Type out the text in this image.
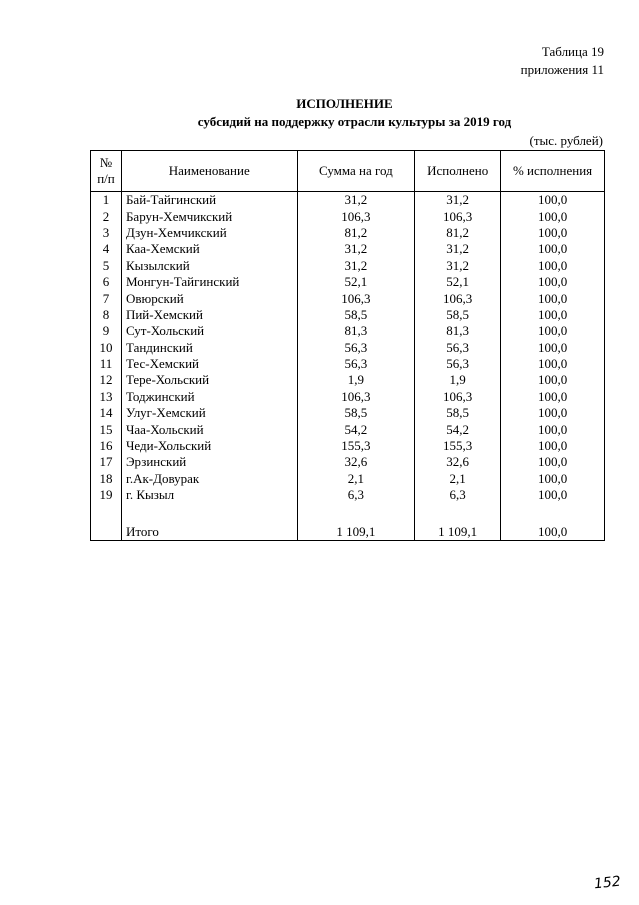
Таблица 19
приложения 11
ИСПОЛНЕНИЕ
субсидий на поддержку отрасли культуры за 2019 год
(тыс. рублей)
№
п/п	Наименование	Сумма на год	Исполнено	% исполнения
1	Бай-Тайгинский	31,2	31,2	100,0
2	Барун-Хемчикский	106,3	106,3	100,0
3	Дзун-Хемчикский	81,2	81,2	100,0
4	Каа-Хемский	31,2	31,2	100,0
5	Кызылский	31,2	31,2	100,0
6	Монгун-Тайгинский	52,1	52,1	100,0
7	Овюрский	106,3	106,3	100,0
8	Пий-Хемский	58,5	58,5	100,0
9	Сут-Хольский	81,3	81,3	100,0
10	Тандинский	56,3	56,3	100,0
11	Тес-Хемский	56,3	56,3	100,0
12	Тере-Хольский	1,9	1,9	100,0
13	Тоджинский	106,3	106,3	100,0
14	Улуг-Хемский	58,5	58,5	100,0
15	Чаа-Хольский	54,2	54,2	100,0
16	Чеди-Хольский	155,3	155,3	100,0
17	Эрзинский	32,6	32,6	100,0
18	г.Ак-Довурак	2,1	2,1	100,0
19	г. Кызыл	6,3	6,3	100,0

	Итого	1 109,1	1 109,1	100,0
152
